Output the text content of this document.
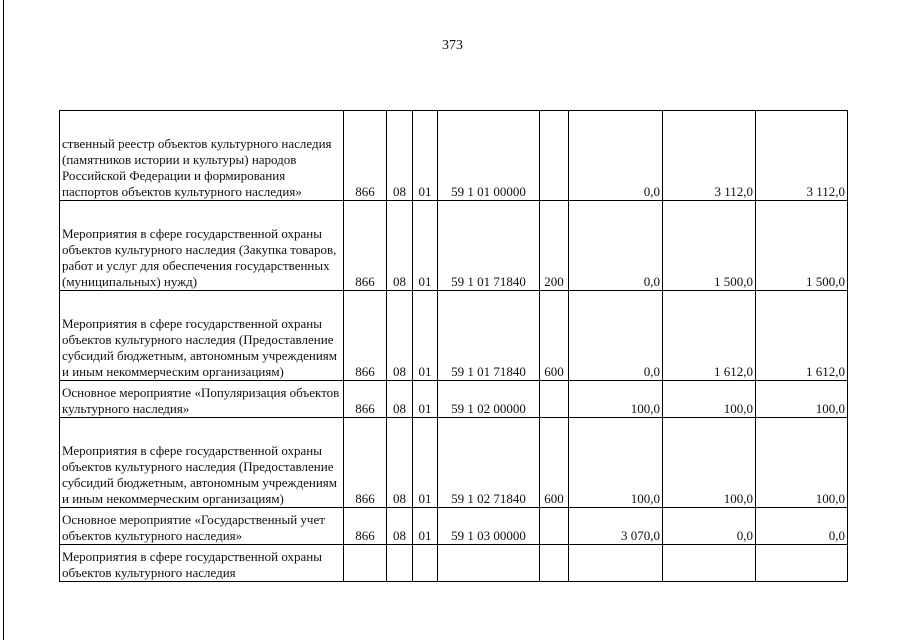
373
ственный реестр объектов культурного наследия (памятников истории и культуры) народов Российской Федерации и формирования паспортов объектов культурного наследия»	866	08	01	59 1 01 00000		0,0	3 112,0	3 112,0
Мероприятия в сфере государственной охраны объектов культурного наследия (Закупка товаров, работ и услуг для обеспечения государственных (муниципальных) нужд)	866	08	01	59 1 01 71840	200	0,0	1 500,0	1 500,0
Мероприятия в сфере государственной охраны объектов культурного наследия (Предоставление субсидий бюджетным, автономным учреждениям и иным некоммерческим организациям)	866	08	01	59 1 01 71840	600	0,0	1 612,0	1 612,0
Основное мероприятие «Популяризация объектов культурного наследия»	866	08	01	59 1 02 00000		100,0	100,0	100,0
Мероприятия в сфере государственной охраны объектов культурного наследия (Предоставление субсидий бюджетным, автономным учреждениям и иным некоммерческим организациям)	866	08	01	59 1 02 71840	600	100,0	100,0	100,0
Основное мероприятие «Государственный учет объектов культурного наследия»	866	08	01	59 1 03 00000		3 070,0	0,0	0,0
Мероприятия в сфере государственной охраны объектов культурного наследия								
